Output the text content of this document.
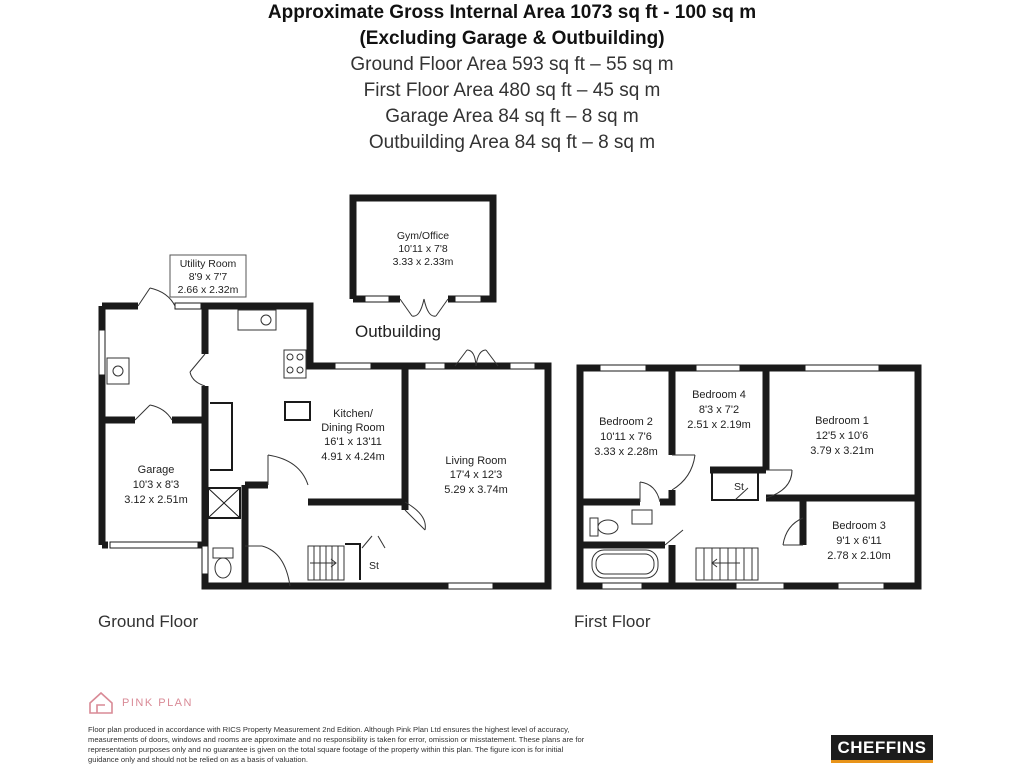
Approximate Gross Internal Area 1073 sq ft - 100 sq m
(Excluding Garage & Outbuilding)
Ground Floor Area 593 sq ft – 55 sq m
First Floor Area 480 sq ft – 45 sq m
Garage Area 84 sq ft – 8 sq m
Outbuilding Area 84 sq ft – 8 sq m
Gym/Office
10'11 x 7'8
3.33 x 2.33m
Outbuilding
Utility Room
8'9 x 7'7
2.66 x 2.32m
Kitchen/
Dining Room
16'1 x 13'11
4.91 x 4.24m	Living Room
17'4 x 12'3
5.29 x 3.74m
Garage
10'3 x 8'3
3.12 x 2.51m
St
Bedroom 2
10'11 x 7'6
3.33 x 2.28m
Bedroom 4
8'3 x 7'2
2.51 x 2.19m	Bedroom 1
12'5 x 10'6
3.79 x 3.21m
Bedroom 3
9'1 x 6'11
2.78 x 2.10m
St
Ground Floor	First Floor
PINK PLAN
Floor plan produced in accordance with RICS Property Measurement 2nd Edition. Although Pink Plan Ltd ensures the highest level of accuracy, measurements of doors, windows and rooms are approximate and no responsibility is taken for error, omission or misstatement. These plans are for representation purposes only and no guarantee is given on the total square footage of the property within this plan. The figure icon is for initial guidance only and should not be relied on as a basis of valuation.
CHEFFINS
